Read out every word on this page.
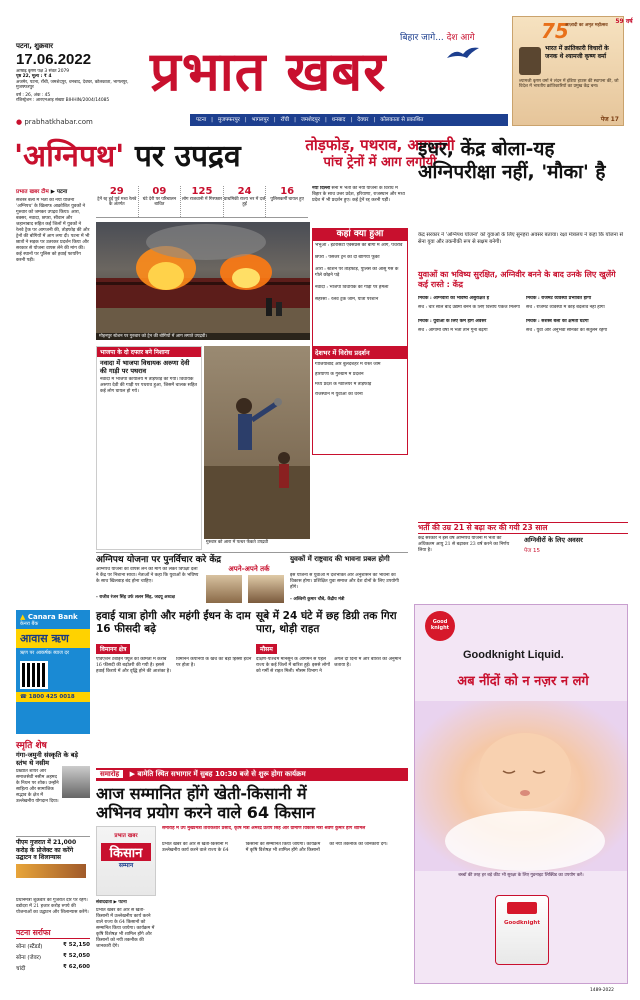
पटना, शुक्रवार
17.06.2022
आषाढ़ कृष्ण पक्ष 3 संवत 2079
पृष्ठ 22, मूल्य : ₹ 4
अजमेर, पटना, राँची, जमशेदपुर, धनबाद, देवघर, कोलकाता, भागलपुर, मुजफ्फरपुर
वर्ष : 26, अंक : 45
रजिस्ट्रेशन : आरएनआइ संख्या BIHHIN/2004/14085
बिहार जागे... देश आगे
प्रभात खबर
75
आज़ादी का अमृत महोत्सव
भारत में क्रांतिकारी विचारों के जनक थे श्यामजी कृष्ण वर्मा
श्यामजी कृष्ण वर्मा ने लंदन में इंडिया हाउस की स्थापना की, जो विदेश में भारतीय क्रांतिकारियों का प्रमुख केंद्र बना।
पेज 17
59 वर्ष
● prabhatkhabar.com	पटना | मुजफ्फरपुर | भागलपुर | राँची | जमशेदपुर | धनबाद | देवघर | कोलकाता से प्रकाशित
'अग्निपथ' पर उपद्रव	तोड़फोड़, पथराव, आगजनी
पांच ट्रेनों में आग लगायी
प्रभात खबर टीम ▶ पटना
सशस्त्र बलों में भर्ती की नयी योजना 'अग्निपथ' के खिलाफ आक्रोशित युवकों ने गुरुवार को जमकर उपद्रव किया। आरा, बक्सर, नवादा, छपरा, सीवान और जहानाबाद सहित कई जिलों में युवकों ने रेलवे ट्रैक पर आगजनी की, तोड़फोड़ की और ट्रेनों की बोगियों में आग लगा दी। पटना में भी छात्रों ने सड़क पर उतरकर प्रदर्शन किया और सरकार से योजना वापस लेने की मांग की। कई स्थानों पर पुलिस को हवाई फायरिंग करनी पड़ी।
29
ट्रेनें रद्द हुईं पूर्व मध्य रेलवे के अंतर्गत
09
घंटे देरी पर परिचालन बाधित
125
लोग राजधानी में गिरफ्तार
24
प्राथमिकी राज्य भर में दर्ज हुईं
16
पुलिसकर्मी घायल हुए
मोहनपुर स्टेशन पर गुरुवार को ट्रेन की बोगियों में आग लगाते उपद्रवी।
नयी दिल्ली सेना में भर्ती की नयी योजना के विरोध में बिहार के साथ उत्तर प्रदेश, हरियाणा, राजस्थान और मध्य प्रदेश में भी प्रदर्शन हुए। कई ट्रेनें रद्द करनी पड़ीं।
कहां क्या हुआ
भभुआ : इंटरसिटी एक्सप्रेस की बोगी में आग, पथराव
छपरा : पैसेंजर ट्रेन की दो बोगियां फूंकीं
आरा : स्टेशन पर तोड़फोड़, पुलिस को आंसू गैस के गोले छोड़ने पड़े
नवादा : भाजपा विधायक की गाड़ी पर हमला
सहरसा : रेलवे ट्रैक जाम, यात्री परेशान
भाजपा के दो दफ्तर बने निशाना
नवादा में भाजपा विधायक अरुणा देवी की गाड़ी पर पथराव
नवादा में भाजपा कार्यालय में तोड़फोड़ की गयी। विधायक अरुणा देवी की गाड़ी पर पथराव हुआ, जिसमें चालक सहित कई लोग घायल हो गये।
गुरुवार को आरा में पत्थर फेंकते उपद्रवी
देशभर में विरोध प्रदर्शन
गाजियाबाद और बुलंदशहर में रास्ते जाम
हरियाणा के गुरुग्राम में प्रदर्शन
मध्य प्रदेश के ग्वालियर में तोड़फोड़
राजस्थान में युवाओं का धरना
इधर, केंद्र बोला-यह अग्निपरीक्षा नहीं, 'मौका' है
केंद्र सरकार ने 'अग्निपथ योजना' को युवाओं के लिए सुनहरा अवसर बताया। रक्षा मंत्रालय ने कहा कि योजना से सेना युवा और तकनीकी रूप से सक्षम बनेगी।
युवाओं का भविष्य सुरक्षित, अग्निवीर बनने के बाद उनके लिए खुलेंगे कई रास्ते : केंद्र
मिथक : अग्निवीरों का भविष्य असुरक्षित है
सच : चार साल बाद उद्यमी बनने के लिए वित्तीय पैकेज मिलेगा
मिथक : युवाओं के लिए कम होंगे अवसर
सच : आगामी वर्षों में भर्ती तीन गुना बढ़ेगी
मिथक : रेजिमेंट व्यवस्था प्रभावित होगी
सच : रेजिमेंट व्यवस्था में कोई बदलाव नहीं होगा
मिथक : सशस्त्र बलों की क्षमता घटेगी
सच : युवा और अनुभवी सैनिकों का संतुलन रहेगा
भर्ती की उम्र 21 से बढ़ा कर की गयी 23 साल
केंद्र सरकार ने इस वर्ष अग्निपथ योजना में भर्ती की अधिकतम आयु 21 से बढ़ाकर 23 वर्ष करने का निर्णय लिया है।
अग्निवीरों के लिए अवसर
पेज 15
अग्निपथ योजना पर पुनर्विचार करे केंद्र
अग्निपथ योजना को वापस लेने की मांग को लेकर विपक्षी दलों ने केंद्र पर निशाना साधा। नेताओं ने कहा कि युवाओं के भविष्य के साथ खिलवाड़ बंद होना चाहिए।
- राजीव रंजन सिंह उर्फ ललन सिंह, जदयू अध्यक्ष
अपने-अपने तर्क
युवकों में राष्ट्रवाद की भावना प्रबल होगी
इस योजना से युवाओं में देशभक्ति और अनुशासन की भावना का विकास होगा। प्रशिक्षित युवा समाज और देश दोनों के लिए उपयोगी होंगे।
- अश्विनी कुमार चौबे, केंद्रीय मंत्री
▲ Canara Bank
केनरा बैंक
आवास ऋण
ऋण पर आकर्षक ब्याज दर
☎ 1800 425 0018
स्मृति शेष
गंगा-जमुनी संस्कृति के बड़े स्तंभ थे नसीम
प्रख्यात शायर और समाजसेवी नसीम अहमद के निधन पर शोक। उन्होंने साहित्य और सामाजिक सद्भाव के क्षेत्र में उल्लेखनीय योगदान दिया।
पीएम गुजरात में 21,000 करोड़ के प्रोजेक्ट का करेंगे उद्घाटन व शिलान्यास
प्रधानमंत्री शुक्रवार को गुजरात दौरे पर रहेंगे। वडोदरा में 21 हजार करोड़ रुपये की योजनाओं का उद्घाटन और शिलान्यास करेंगे।
पटना सर्राफा
सोना (स्टैंडर्ड)	₹ 52,150
सोना (जेवर)	₹ 52,050
चांदी	₹ 62,600
हवाई यात्रा होगी और महंगी ईंधन के दाम 16 फीसदी बढ़े
विमानन क्षेत्र
एविएशन टर्बाइन फ्यूल की कीमतों में करीब 16 फीसदी की बढ़ोतरी की गयी है। इससे हवाई किराये में और वृद्धि होने की आशंका है। विमानन कंपनियों के खर्च का बड़ा हिस्सा ईंधन पर होता है।
सूबे में 24 घंटे में छह डिग्री तक गिरा पारा, थोड़ी राहत
मौसम
दक्षिण-पश्चिम मानसून के आगमन से पहले राज्य के कई जिलों में बारिश हुई। इससे लोगों को गर्मी से राहत मिली। मौसम विभाग ने अगले दो दिनों में और बारिश का अनुमान जताया है।
समारोह ▶ बामेति स्थित सभागार में सुबह 10:30 बजे से शुरू होगा कार्यक्रम
आज सम्मानित होंगे खेती-किसानी में
अभिनव प्रयोग करने वाले 64 किसान
प्रभात खबर
किसान
सम्मान
संवाददाता ▶ पटना
समारोह में उप मुख्यमंत्री तारकिशोर प्रसाद, कृषि मंत्री अमरेंद्र प्रताप सिंह और ग्रामीण विकास मंत्री श्रवण कुमार होंगे शामिल
प्रभात खबर की ओर से खेती-किसानी में उल्लेखनीय कार्य करने वाले राज्य के 64 किसानों को सम्मानित किया जायेगा। कार्यक्रम में कृषि विशेषज्ञ भी शामिल होंगे और किसानों को नयी तकनीक की जानकारी देंगे।
प्रभात खबर की ओर से खेती-किसानी में उल्लेखनीय कार्य करने वाले राज्य के 64 किसानों को सम्मानित किया जायेगा। कार्यक्रम में कृषि विशेषज्ञ भी शामिल होंगे और किसानों को नयी तकनीक की जानकारी देंगे।
Good knight
Goodknight Liquid.
अब नींदों को न नज़र न लगे
Goodknight
बच्चों की तरह हर बड़े कीट भी सुरक्षा के लिए गुडनाइट लिक्विड का उपयोग करें।
1489-2022
